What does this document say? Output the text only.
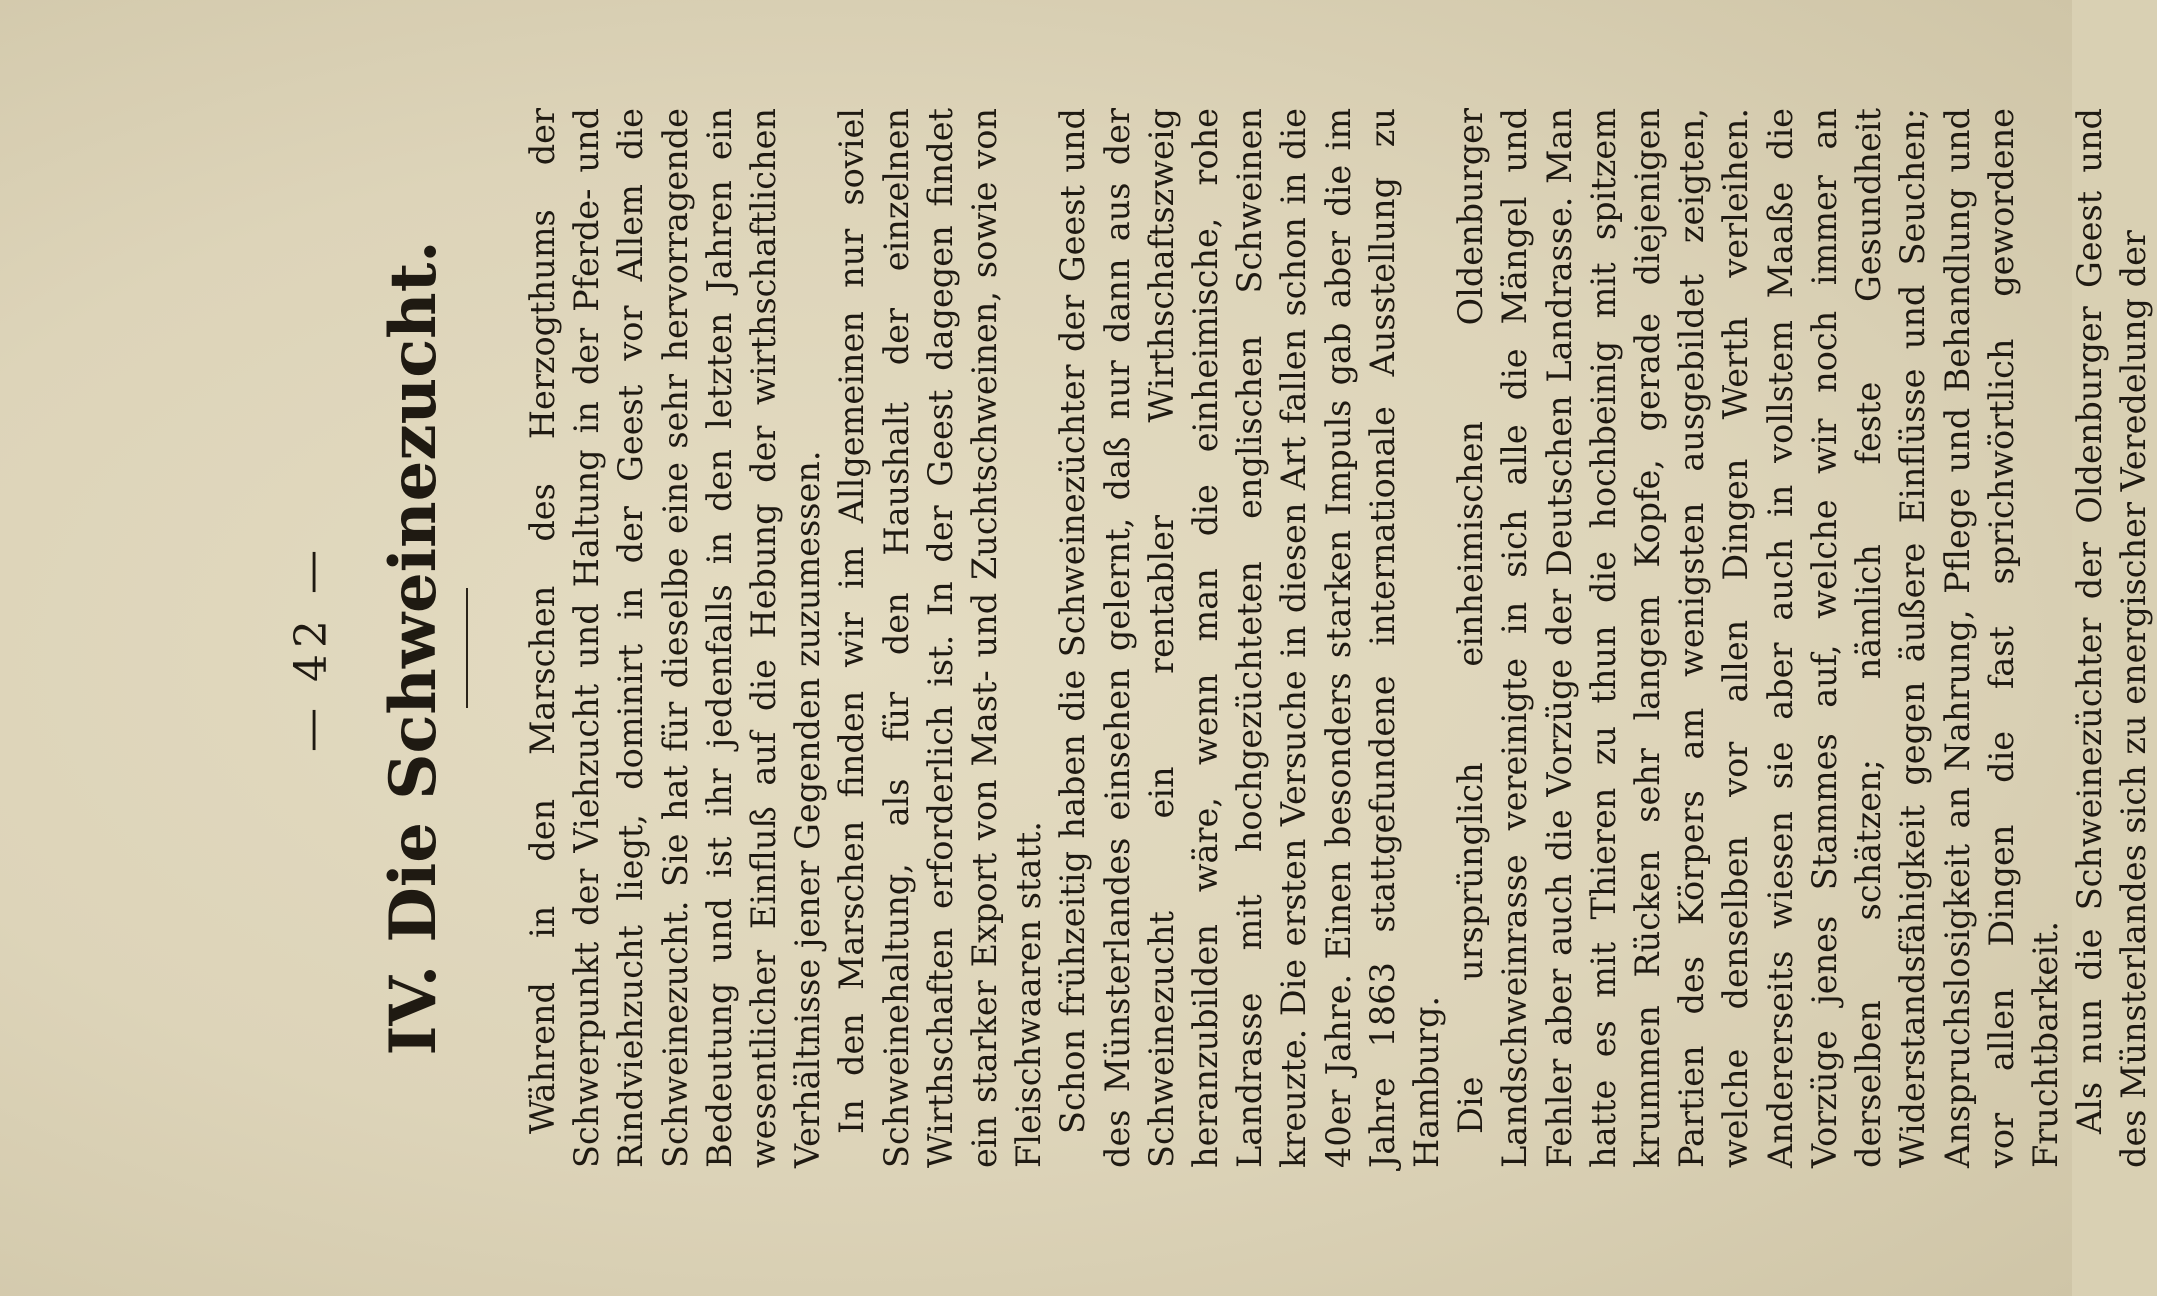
— 42 — IV. Die Schweinezucht. Während in den Marschen des Herzogthums der Schwerpunkt der Viehzucht und Haltung in der Pferde- und Rindviehzucht liegt, dominirt in der Geest vor Allem die Schweinezucht. Sie hat für dieselbe eine sehr hervorragende Bedeutung und ist ihr jedenfalls in den letzten Jahren ein wesentlicher Einfluß auf die Hebung der wirthschaftlichen Verhältnisse jener Gegenden zuzumessen. In den Marschen finden wir im Allgemeinen nur soviel Schweinehaltung, als für den Haushalt der einzelnen Wirthschaften erforderlich ist. In der Geest dagegen findet ein starker Export von Mast- und Zuchtschweinen, sowie von Fleischwaaren statt. Schon frühzeitig haben die Schweinezüchter der Geest und des Münsterlandes einsehen gelernt, daß nur dann aus der Schweinezucht ein rentabler Wirthschaftszweig heranzubilden wäre, wenn man die einheimische, rohe Landrasse mit hochgezüchteten englischen Schweinen kreuzte. Die ersten Versuche in diesen Art fallen schon in die 40er Jahre. Einen besonders starken Impuls gab aber die im Jahre 1863 stattgefundene internationale Ausstellung zu Hamburg. Die ursprünglich einheimischen Oldenburger Landschweinrasse vereinigte in sich alle die Mängel und Fehler aber auch die Vorzüge der Deutschen Landrasse. Man hatte es mit Thieren zu thun die hochbeinig mit spitzem krummen Rücken sehr langem Kopfe, gerade diejenigen Partien des Körpers am wenigsten ausgebildet zeigten, welche denselben vor allen Dingen Werth verleihen. Andererseits wiesen sie aber auch in vollstem Maaße die Vorzüge jenes Stammes auf, welche wir noch immer an derselben schätzen; nämlich feste Gesundheit Widerstandsfähigkeit gegen äußere Einflüsse und Seuchen; Anspruchslosigkeit an Nahrung, Pflege und Behandlung und vor allen Dingen die fast sprichwörtlich gewordene Fruchtbarkeit. Als nun die Schweinezüchter der Oldenburger Geest und des Münsterlandes sich zu energischer Veredelung der
